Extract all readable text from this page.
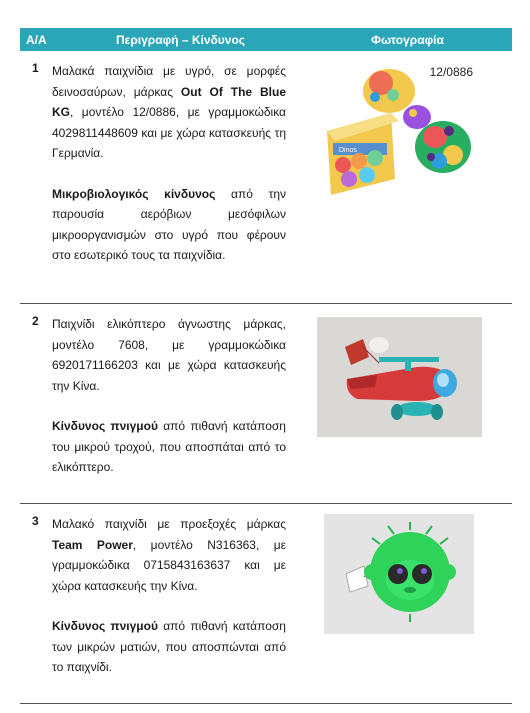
A/A	Περιγραφή – Κίνδυνος	Φωτογραφία
1	Μαλακά παιχνίδια με υγρό, σε μορφές δεινοσαύρων, μάρκας Out Of The Blue KG, μοντέλο 12/0886, με γραμμοκώδικα 4029811448609 και με χώρα κατασκευής τη Γερμανία.

Μικροβιολογικός κίνδυνος από την παρουσία αερόβιων μεσόφιλων μικροοργανισμών στο υγρό που φέρουν στο εσωτερικό τους τα παιχνίδια.

Dinos
12/0886
2	Παιχνίδι ελικόπτερο άγνωστης μάρκας, μοντέλο 7608, με γραμμοκώδικα 6920171166203 και με χώρα κατασκευής την Κίνα.

Κίνδυνος πνιγμού από πιθανή κατάποση του μικρού τροχού, που αποσπάται από το ελικόπτερο.

3	Μαλακό παιχνίδι με προεξοχές μάρκας Team Power, μοντέλο N316363, με γραμμοκώδικα 0715843163637 και με χώρα κατασκευής την Κίνα.

Κίνδυνος πνιγμού από πιθανή κατάποση των μικρών ματιών, που αποσπώνται από το παιχνίδι.
